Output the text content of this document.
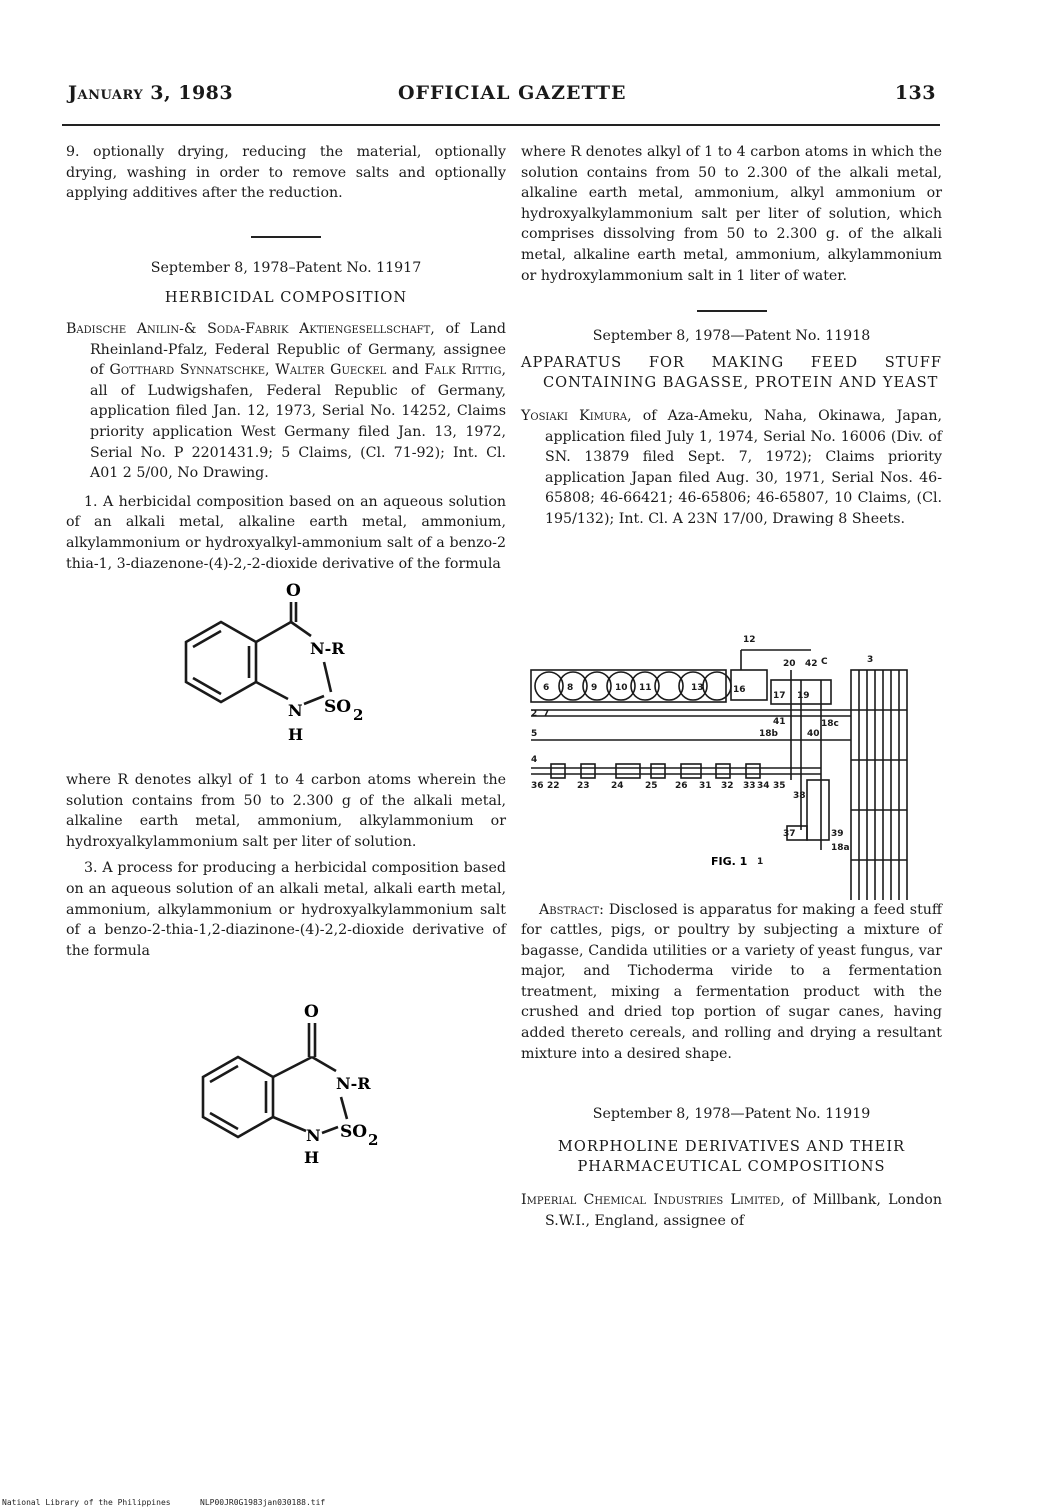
January 3, 1983	OFFICIAL GAZETTE	133

9. optionally drying, reducing the material, optionally drying, washing in order to remove salts and optionally applying additives after the reduction.

September 8, 1978–Patent No. 11917

HERBICIDAL COMPOSITION

Badische Anilin-& Soda-Fabrik Aktiengesellschaft, of Land Rheinland-Pfalz, Federal Republic of Germany, assignee of Gotthard Synnatschke, Walter Gueckel and Falk Rittig, all of Ludwigshafen, Federal Republic of Germany, application filed Jan. 12, 1973, Serial No. 14252, Claims priority application West Germany filed Jan. 13, 1972, Serial No. P 2201431.9; 5 Claims, (Cl. 71-92); Int. Cl. A01 2 5/00, No Drawing.

1. A herbicidal composition based on an aqueous solution of an alkali metal, alkaline earth metal, ammonium, alkylammonium or hydroxyalkyl-ammonium salt of a benzo-2 thia-1, 3-diazenone-(4)-2,-2-dioxide derivative of the formula

O
N-R
SO 2
N
H

where R denotes alkyl of 1 to 4 carbon atoms wherein the solution contains from 50 to 2.300 g of the alkali metal, alkaline earth metal, ammonium, alkylammonium or hydroxyalkylammonium salt per liter of solution.

3. A process for producing a herbicidal composition based on an aqueous solution of an alkali metal, alkali earth metal, ammonium, alkylammonium or hydroxyalkylammonium salt of a benzo-2-thia-1,2-diazinone-(4)-2,2-dioxide derivative of the formula

O
N-R
SO 2
N
H

where R denotes alkyl of 1 to 4 carbon atoms in which the solution contains from 50 to 2.300 of the alkali metal, alkaline earth metal, ammonium, alkyl ammonium or hydroxyalkylammonium salt per liter of solution, which comprises dissolving from 50 to 2.300 g. of the alkali metal, alkaline earth metal, ammonium, alkylammonium or hydroxylammonium salt in 1 liter of water.

September 8, 1978—Patent No. 11918

APPARATUS FOR MAKING FEED STUFF CONTAINING BAGASSE, PROTEIN AND YEAST

Yosiaki Kimura, of Aza-Ameku, Naha, Okinawa, Japan, application filed July 1, 1974, Serial No. 16006 (Div. of SN. 13879 filed Sept. 7, 1972); Claims priority application Japan filed Aug. 30, 1971, Serial Nos. 46-65808; 46-66421; 46-65806; 46-65807, 10 Claims, (Cl. 195/132); Int. Cl. A 23N 17/00, Drawing 8 Sheets.

12
20 42 C	3
6 8 9 10 11	13	16
17 19
41	18c
40
38
37	39
18a
18b
5
4
22 23 24 25 26 31 32 33 34 35
36
2 7
1
FIG. 1

Abstract: Disclosed is apparatus for making a feed stuff for cattles, pigs, or poultry by subjecting a mixture of bagasse, Candida utilities or a variety of yeast fungus, var major, and Tichoderma viride to a fermentation treatment, mixing a fermentation product with the crushed and dried top portion of sugar canes, having added thereto cereals, and rolling and drying a resultant mixture into a desired shape.

September 8, 1978—Patent No. 11919

MORPHOLINE DERIVATIVES AND THEIR PHARMACEUTICAL COMPOSITIONS

Imperial Chemical Industries Limited, of Millbank, London S.W.I., England, assignee of

National Library of the Philippines	NLP00JR0G1983jan030188.tif
